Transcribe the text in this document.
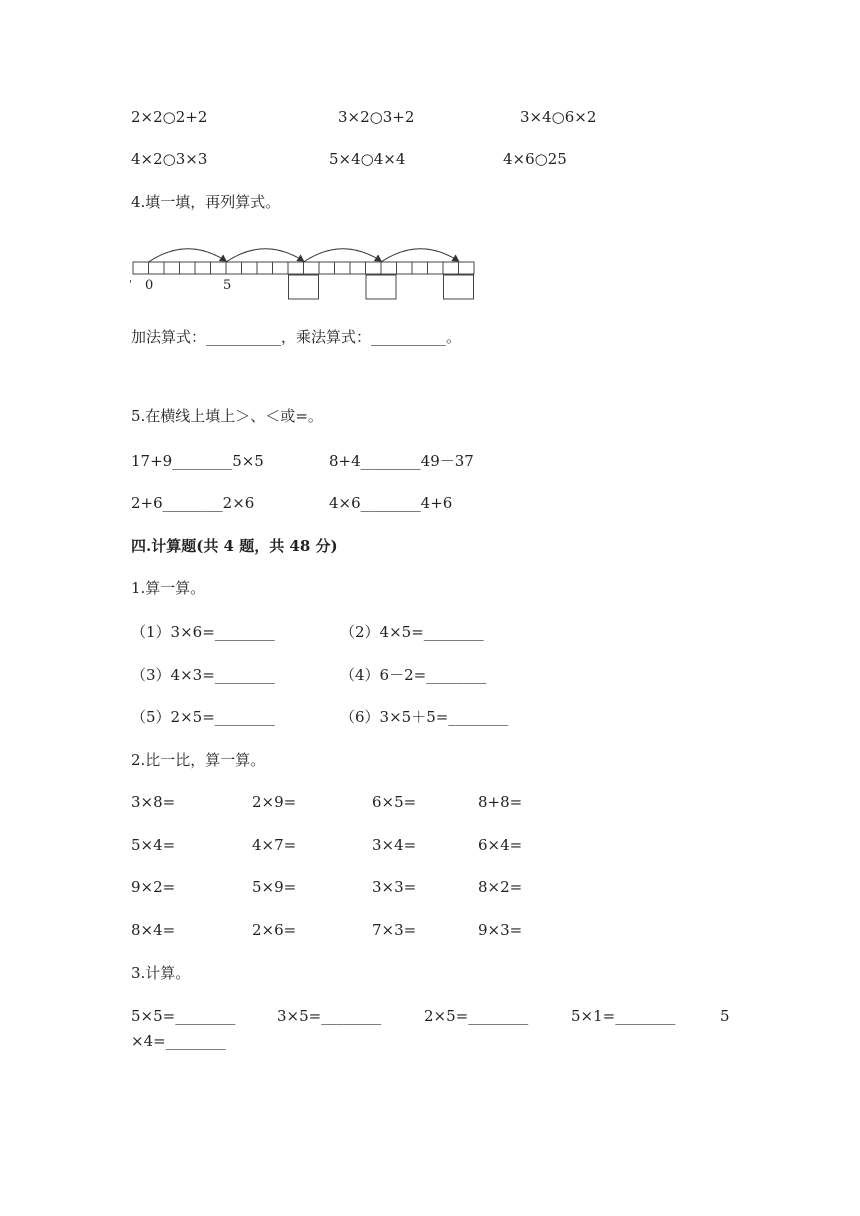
2×2○2+2	3×2○3+2	3×4○6×2
4×2○3×3	5×4○4×4	4×6○25
4.填一填，再列算式。
' 0	5
加法算式：__________，乘法算式：__________。
5.在横线上填上＞、＜或=。
17+9________5×5	8+4________49－37
2+6________2×6	4×6________4+6
四.计算题(共 4 题，共 48 分)
1.算一算。
（1）3×6=________	（2）4×5=________
（3）4×3=________	（4）6－2=________
（5）2×5=________	（6）3×5＋5=________
2.比一比，算一算。
3×8=	2×9=	6×5=	8+8=
5×4=	4×7=	3×4=	6×4=
9×2=	5×9=	3×3=	8×2=
8×4=	2×6=	7×3=	9×3=
3.计算。
5×5=________	3×5=________	2×5=________	5×1=________	5
×4=________
